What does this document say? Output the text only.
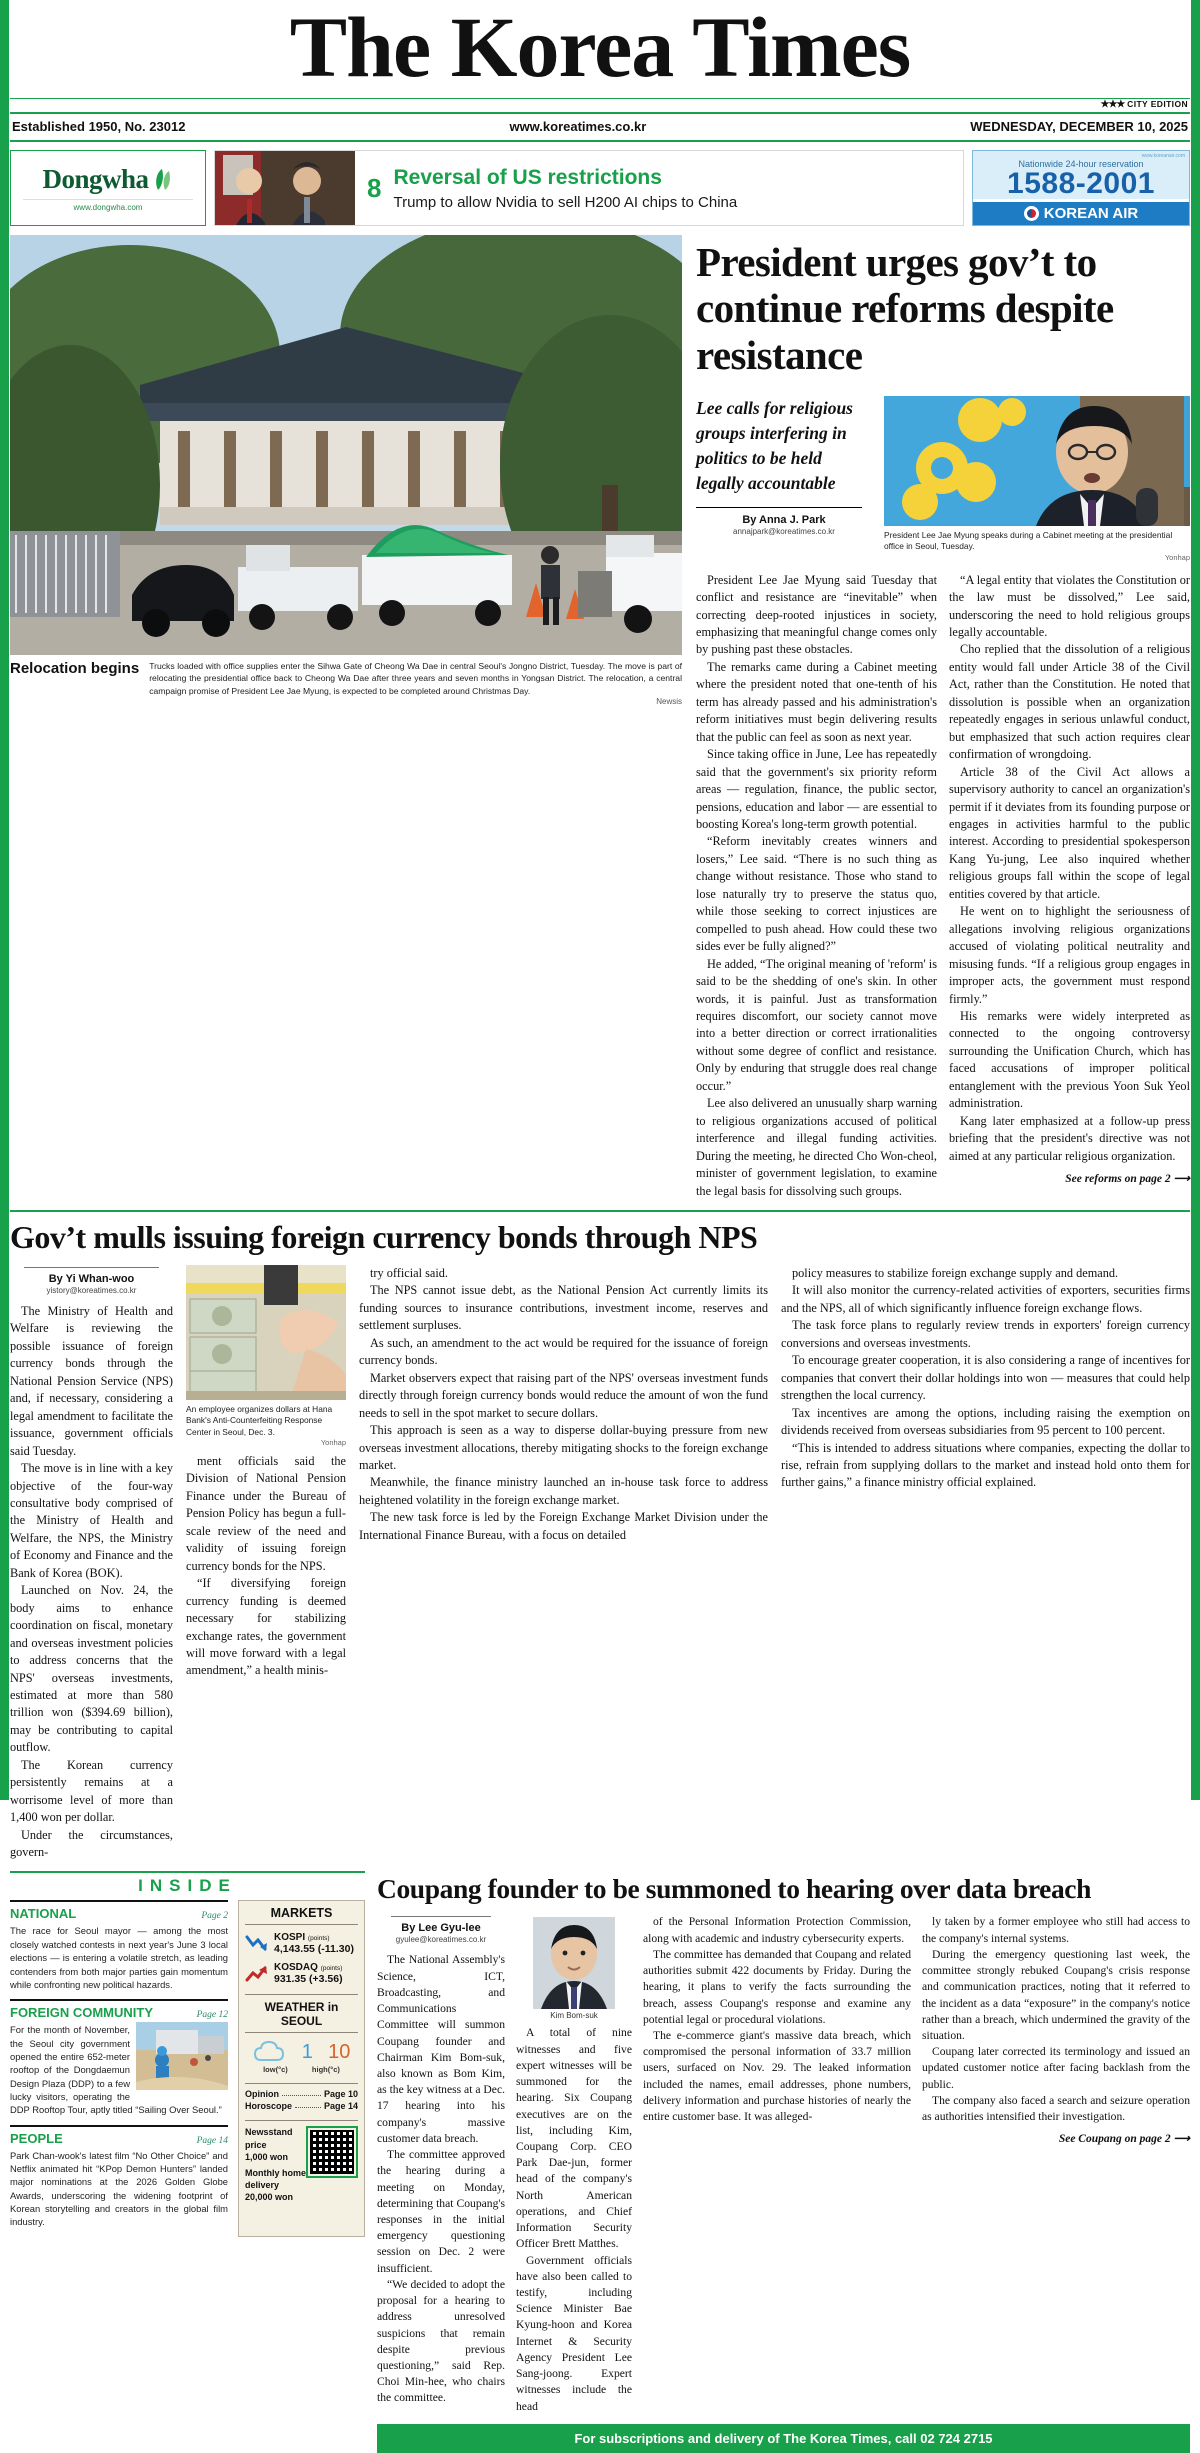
The Korea Times
★★★ CITY EDITION
Established 1950, No. 23012	www.koreatimes.co.kr	WEDNESDAY, DECEMBER 10, 2025
Dongwha
www.dongwha.com
8 Reversal of US restrictions
Trump to allow Nvidia to sell H200 AI chips to China
www.koreanair.com
Nationwide 24-hour reservation
1588-2001
KOREAN AIR
Relocation begins Trucks loaded with office supplies enter the Sihwa Gate of Cheong Wa Dae in central Seoul's Jongno District, Tuesday. The move is part of relocating the presidential office back to Cheong Wa Dae after three years and seven months in Yongsan District. The relocation, a central campaign promise of President Lee Jae Myung, is expected to be completed around Christmas Day.
Newsis
President urges gov’t to continue reforms despite resistance
Lee calls for religious groups interfering in politics to be held legally accountable
By Anna J. Park
annajpark@koreatimes.co.kr	President Lee Jae Myung speaks during a Cabinet meeting at the presidential office in Seoul, Tuesday.
Yonhap

President Lee Jae Myung said Tuesday that conflict and resistance are “inevitable” when correcting deep-rooted injustices in society, emphasizing that meaningful change comes only by pushing past these obstacles.

The remarks came during a Cabinet meeting where the president noted that one-tenth of his term has already passed and his administration's reform initiatives must begin delivering results that the public can feel as soon as next year.

Since taking office in June, Lee has repeatedly said that the government's six priority reform areas — regulation, finance, the public sector, pensions, education and labor — are essential to boosting Korea's long-term growth potential.

“Reform inevitably creates winners and losers,” Lee said. “There is no such thing as change without resistance. Those who stand to lose naturally try to preserve the status quo, while those seeking to correct injustices are compelled to push ahead. How could these two sides ever be fully aligned?”

He added, “The original meaning of 'reform' is said to be the shedding of one's skin. In other words, it is painful. Just as transformation requires discomfort, our society cannot move into a better direction or correct irrationalities without some degree of conflict and resistance. Only by enduring that struggle does real change occur.”

Lee also delivered an unusually sharp warning to religious organizations accused of political interference and illegal funding activities. During the meeting, he directed Cho Won-cheol, minister of government legislation, to examine the legal basis for dissolving such groups.

“A legal entity that violates the Constitution or the law must be dissolved,” Lee said, underscoring the need to hold religious groups legally accountable.

Cho replied that the dissolution of a religious entity would fall under Article 38 of the Civil Act, rather than the Constitution. He noted that dissolution is possible when an organization repeatedly engages in serious unlawful conduct, but emphasized that such action requires clear confirmation of wrongdoing.

Article 38 of the Civil Act allows a supervisory authority to cancel an organization's permit if it deviates from its founding purpose or engages in activities harmful to the public interest. According to presidential spokesperson Kang Yu-jung, Lee also inquired whether religious groups fall within the scope of legal entities covered by that article.

He went on to highlight the seriousness of allegations involving religious organizations accused of violating political neutrality and misusing funds. “If a religious group engages in improper acts, the government must respond firmly.”

His remarks were widely interpreted as connected to the ongoing controversy surrounding the Unification Church, which has faced accusations of improper political entanglement with the previous Yoon Suk Yeol administration.

Kang later emphasized at a follow-up press briefing that the president's directive was not aimed at any particular religious organization.

See reforms on page 2 ⟶
Gov’t mulls issuing foreign currency bonds through NPS
By Yi Whan-woo
yistory@koreatimes.co.kr

The Ministry of Health and Welfare is reviewing the possible issuance of foreign currency bonds through the National Pension Service (NPS) and, if necessary, considering a legal amendment to facilitate the issuance, government officials said Tuesday.

The move is in line with a key objective of the four-way consultative body comprised of the Ministry of Health and Welfare, the NPS, the Ministry of Economy and Finance and the Bank of Korea (BOK).

Launched on Nov. 24, the body aims to enhance coordination on fiscal, monetary and overseas investment policies to address concerns that the NPS' overseas investments, estimated at more than 580 trillion won ($394.69 billion), may be contributing to capital outflow.

The Korean currency persistently remains at a worrisome level of more than 1,400 won per dollar.

Under the circumstances, govern-

An employee organizes dollars at Hana Bank's Anti-Counterfeiting Response Center in Seoul, Dec. 3.
Yonhap

ment officials said the Division of National Pension Finance under the Bureau of Pension Policy has begun a full-scale review of the need and validity of issuing foreign currency bonds for the NPS.

“If diversifying foreign currency funding is deemed necessary for stabilizing exchange rates, the government will move forward with a legal amendment,” a health minis-

try official said.

The NPS cannot issue debt, as the National Pension Act currently limits its funding sources to insurance contributions, investment income, reserves and settlement surpluses.

As such, an amendment to the act would be required for the issuance of foreign currency bonds.

Market observers expect that raising part of the NPS' overseas investment funds directly through foreign currency bonds would reduce the amount of won the fund needs to sell in the spot market to secure dollars.

This approach is seen as a way to disperse dollar-buying pressure from new overseas investment allocations, thereby mitigating shocks to the foreign exchange market.

Meanwhile, the finance ministry launched an in-house task force to address heightened volatility in the foreign exchange market.

The new task force is led by the Foreign Exchange Market Division under the International Finance Bureau, with a focus on detailed

policy measures to stabilize foreign exchange supply and demand.

It will also monitor the currency-related activities of exporters, securities firms and the NPS, all of which significantly influence foreign exchange flows.

The task force plans to regularly review trends in exporters' foreign currency conversions and overseas investments.

To encourage greater cooperation, it is also considering a range of incentives for companies that convert their dollar holdings into won — measures that could help strengthen the local currency.

Tax incentives are among the options, including raising the exemption on dividends received from overseas subsidiaries from 95 percent to 100 percent.

“This is intended to address situations where companies, expecting the dollar to rise, refrain from supplying dollars to the market and instead hold onto them for further gains,” a finance ministry official explained.

INSIDE
NATIONAL	Page 2
The race for Seoul mayor — among the most closely watched contests in next year's June 3 local elections — is entering a volatile stretch, as leading contenders from both major parties gain momentum while confronting new political hazards.
FOREIGN COMMUNITY	Page 12
For the month of November, the Seoul city government opened the entire 652-meter rooftop of the Dongdaemun Design Plaza (DDP) to a few lucky visitors, operating the DDP Rooftop Tour, aptly titled “Sailing Over Seoul.”
PEOPLE	Page 14
Park Chan-wook's latest film “No Other Choice” and Netflix animated hit “KPop Demon Hunters” landed major nominations at the 2026 Golden Globe Awards, underscoring the widening footprint of Korean storytelling and creators in the global film industry.
MARKETS
KOSPI (points)
4,143.55 (-11.30)
KOSDAQ (points)
931.35 (+3.56)
WEATHER in SEOUL
1 10
low(°c)	high(°c)
Opinion	Page 10
Horoscope	Page 14
Newsstand price
1,000 won
Monthly home delivery
20,000 won
Coupang founder to be summoned to hearing over data breach
By Lee Gyu-lee
gyulee@koreatimes.co.kr

The National Assembly's Science, ICT, Broadcasting, and Communications Committee will summon Coupang founder and Chairman Kim Bom-suk, also known as Bom Kim, as the key witness at a Dec. 17 hearing into his company's massive customer data breach.

The committee approved the hearing during a meeting on Monday, determining that Coupang's responses in the initial emergency questioning session on Dec. 2 were insufficient.

“We decided to adopt the proposal for a hearing to address unresolved suspicions that remain despite previous questioning,” said Rep. Choi Min-hee, who chairs the committee.

Kim Bom-suk

A total of nine witnesses and five expert witnesses will be summoned for the hearing. Six Coupang executives are on the list, including Kim, Coupang Corp. CEO Park Dae-jun, former head of the company's North American operations, and Chief Information Security Officer Brett Matthes.

Government officials have also been called to testify, including Science Minister Bae Kyung-hoon and Korea Internet & Security Agency President Lee Sang-joong. Expert witnesses include the head

of the Personal Information Protection Commission, along with academic and industry cybersecurity experts.

The committee has demanded that Coupang and related authorities submit 422 documents by Friday. During the hearing, it plans to verify the facts surrounding the breach, assess Coupang's response and examine any potential legal or procedural violations.

The e-commerce giant's massive data breach, which compromised the personal information of 33.7 million users, surfaced on Nov. 29. The leaked information included the names, email addresses, phone numbers, delivery information and purchase histories of nearly the entire customer base. It was alleged-

ly taken by a former employee who still had access to the company's internal systems.

During the emergency questioning last week, the committee strongly rebuked Coupang's crisis response and communication practices, noting that it referred to the incident as a data “exposure” in the company's notice rather than a breach, which undermined the gravity of the situation.

Coupang later corrected its terminology and issued an updated customer notice after facing backlash from the public.

The company also faced a search and seizure operation as authorities intensified their investigation.

See Coupang on page 2 ⟶
For subscriptions and delivery of The Korea Times, call 02 724 2715
